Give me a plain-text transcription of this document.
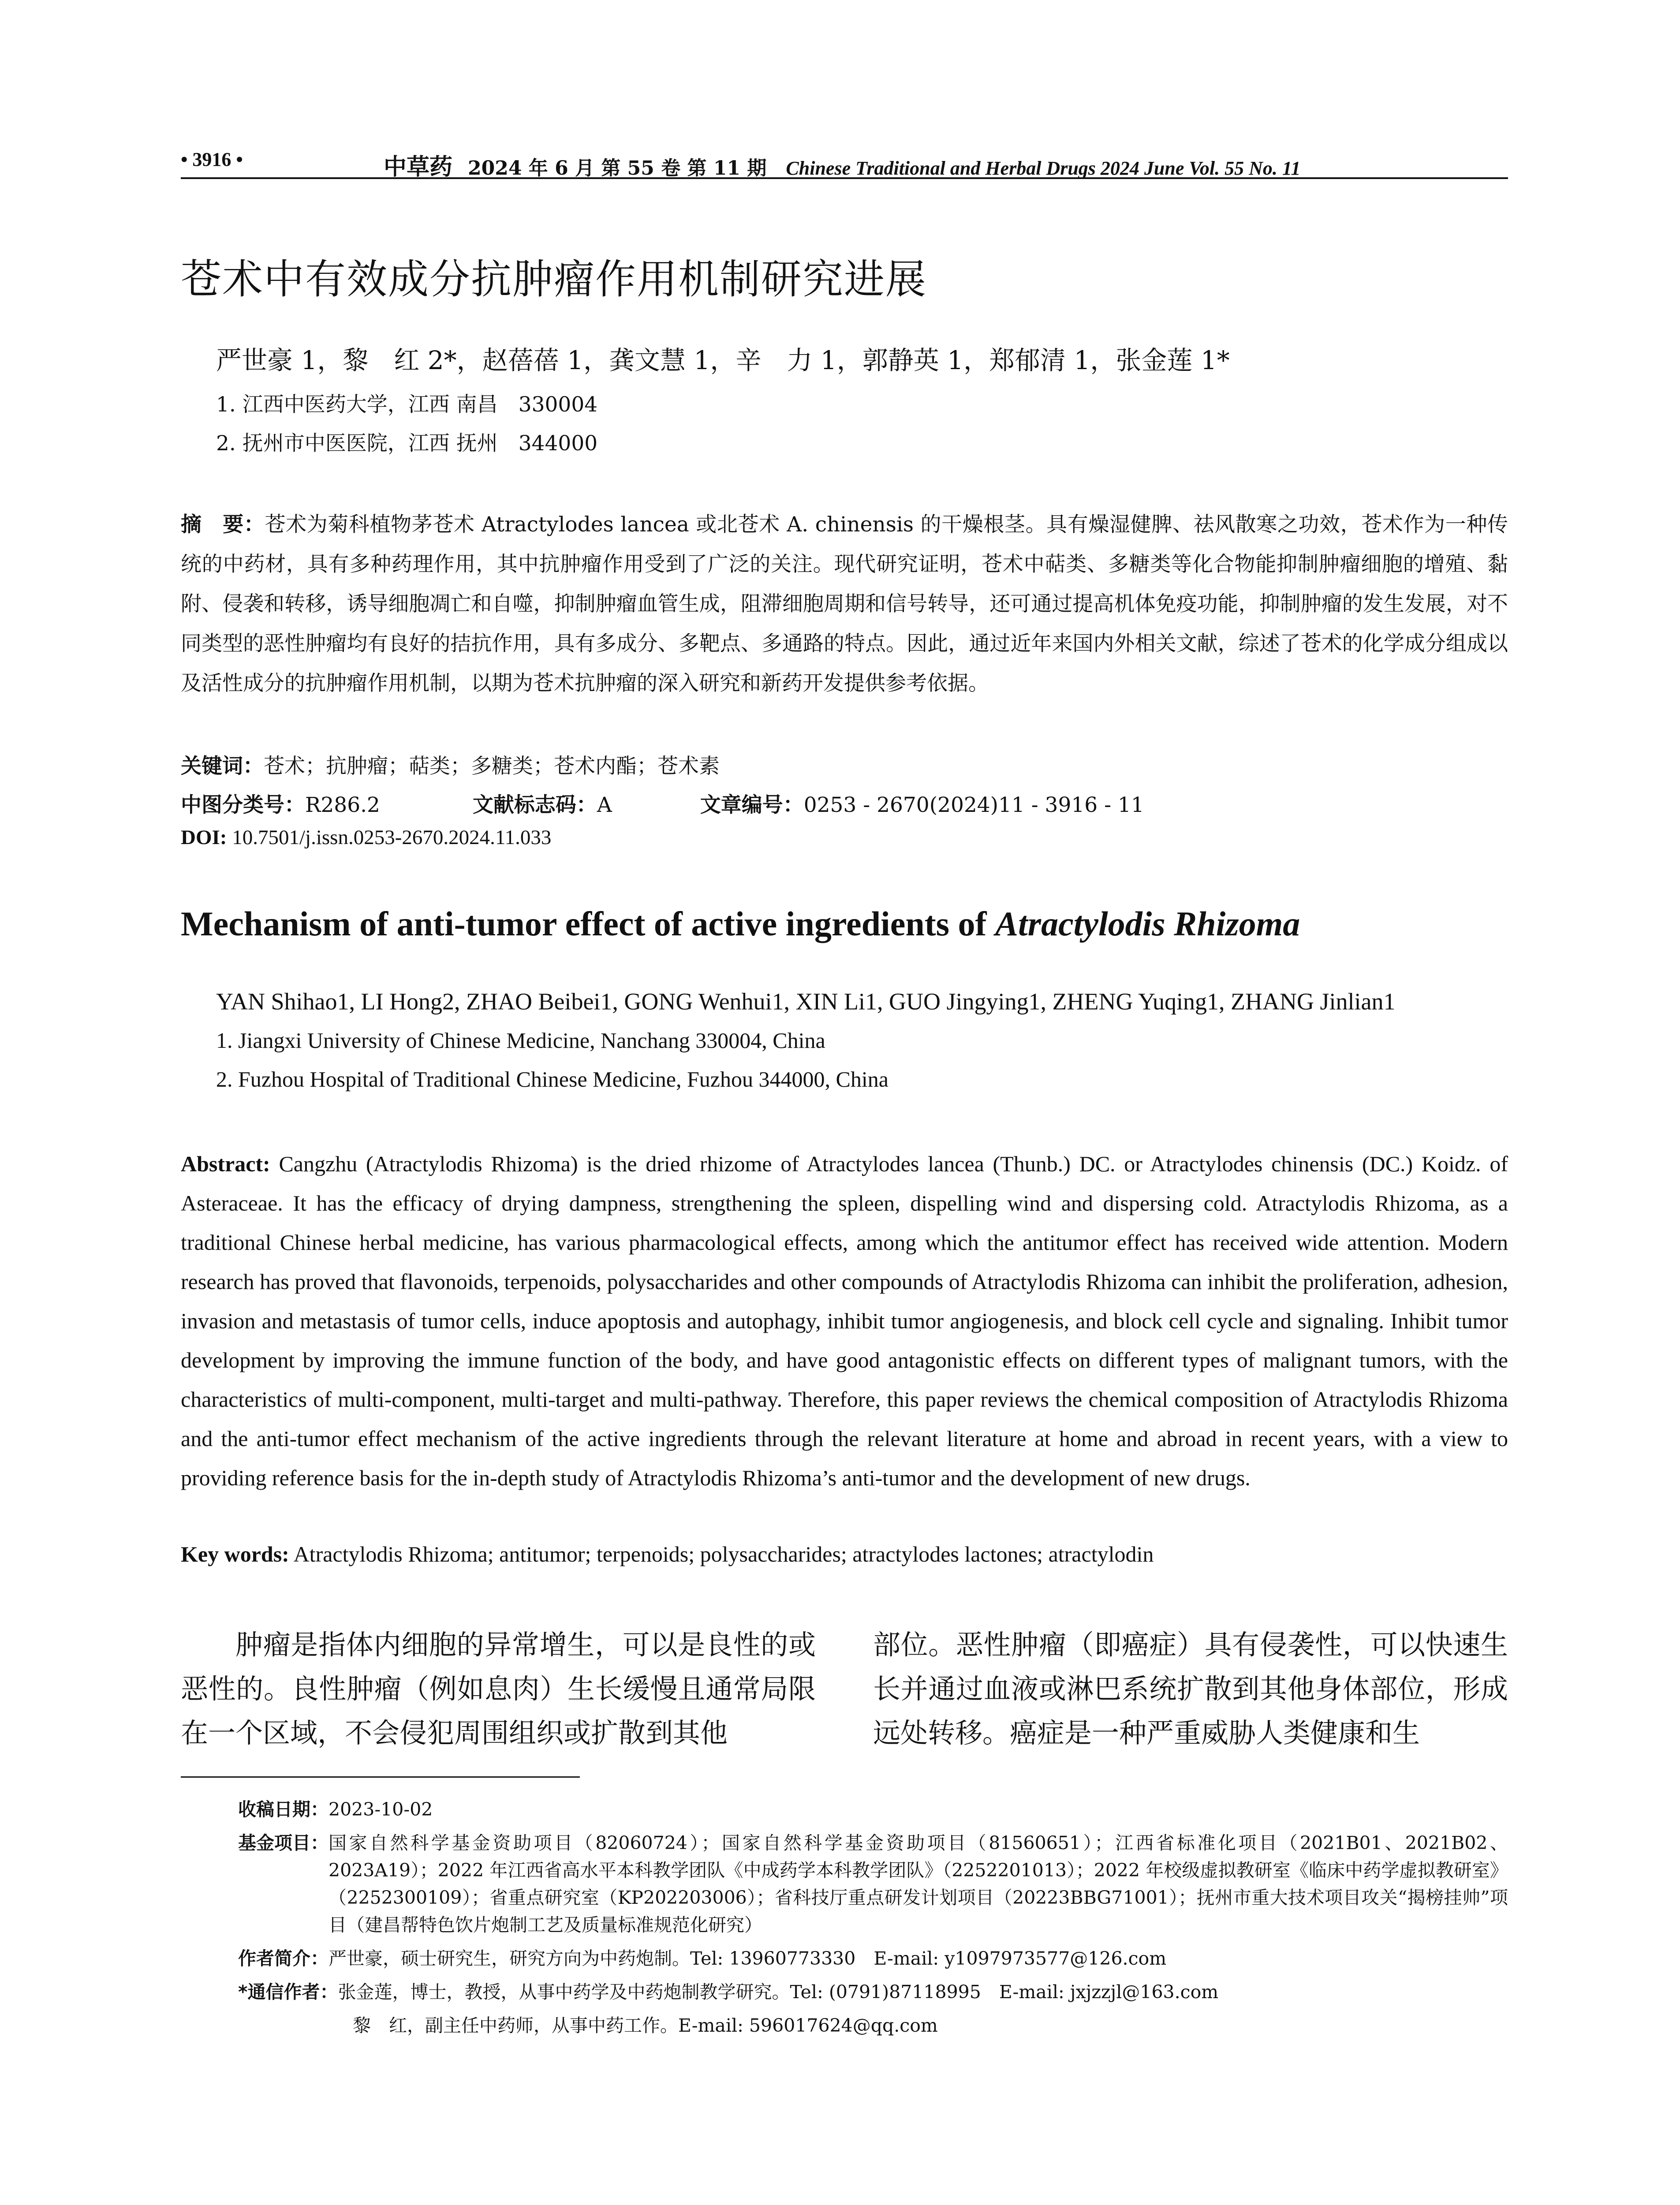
• 3916 •	中草药 2024 年 6 月 第 55 卷 第 11 期 Chinese Traditional and Herbal Drugs 2024 June Vol. 55 No. 11
苍术中有效成分抗肿瘤作用机制研究进展
严世豪 1，黎　红 2*，赵蓓蓓 1，龚文慧 1，辛　力 1，郭静英 1，郑郁清 1，张金莲 1*
1. 江西中医药大学，江西 南昌　330004
2. 抚州市中医医院，江西 抚州　344000
摘　要：苍术为菊科植物茅苍术 Atractylodes lancea 或北苍术 A. chinensis 的干燥根茎。具有燥湿健脾、祛风散寒之功效，苍术作为一种传统的中药材，具有多种药理作用，其中抗肿瘤作用受到了广泛的关注。现代研究证明，苍术中萜类、多糖类等化合物能抑制肿瘤细胞的增殖、黏附、侵袭和转移，诱导细胞凋亡和自噬，抑制肿瘤血管生成，阻滞细胞周期和信号转导，还可通过提高机体免疫功能，抑制肿瘤的发生发展，对不同类型的恶性肿瘤均有良好的拮抗作用，具有多成分、多靶点、多通路的特点。因此，通过近年来国内外相关文献，综述了苍术的化学成分组成以及活性成分的抗肿瘤作用机制，以期为苍术抗肿瘤的深入研究和新药开发提供参考依据。
关键词：苍术；抗肿瘤；萜类；多糖类；苍术内酯；苍术素
中图分类号：R286.2	文献标志码：A	文章编号：0253 - 2670(2024)11 - 3916 - 11
DOI: 10.7501/j.issn.0253-2670.2024.11.033
Mechanism of anti-tumor effect of active ingredients of Atractylodis Rhizoma
YAN Shihao1, LI Hong2, ZHAO Beibei1, GONG Wenhui1, XIN Li1, GUO Jingying1, ZHENG Yuqing1, ZHANG Jinlian1
1. Jiangxi University of Chinese Medicine, Nanchang 330004, China
2. Fuzhou Hospital of Traditional Chinese Medicine, Fuzhou 344000, China
Abstract: Cangzhu (Atractylodis Rhizoma) is the dried rhizome of Atractylodes lancea (Thunb.) DC. or Atractylodes chinensis (DC.) Koidz. of Asteraceae. It has the efficacy of drying dampness, strengthening the spleen, dispelling wind and dispersing cold. Atractylodis Rhizoma, as a traditional Chinese herbal medicine, has various pharmacological effects, among which the antitumor effect has received wide attention. Modern research has proved that flavonoids, terpenoids, polysaccharides and other compounds of Atractylodis Rhizoma can inhibit the proliferation, adhesion, invasion and metastasis of tumor cells, induce apoptosis and autophagy, inhibit tumor angiogenesis, and block cell cycle and signaling. Inhibit tumor development by improving the immune function of the body, and have good antagonistic effects on different types of malignant tumors, with the characteristics of multi-component, multi-target and multi-pathway. Therefore, this paper reviews the chemical composition of Atractylodis Rhizoma and the anti-tumor effect mechanism of the active ingredients through the relevant literature at home and abroad in recent years, with a view to providing reference basis for the in-depth study of Atractylodis Rhizoma’s anti-tumor and the development of new drugs.
Key words: Atractylodis Rhizoma; antitumor; terpenoids; polysaccharides; atractylodes lactones; atractylodin
肿瘤是指体内细胞的异常增生，可以是良性的或恶性的。良性肿瘤（例如息肉）生长缓慢且通常局限在一个区域，不会侵犯周围组织或扩散到其他
部位。恶性肿瘤（即癌症）具有侵袭性，可以快速生长并通过血液或淋巴系统扩散到其他身体部位，形成远处转移。癌症是一种严重威胁人类健康和生
收稿日期：2023-10-02
基金项目： 国家自然科学基金资助项目（82060724）；国家自然科学基金资助项目（81560651）；江西省标准化项目（2021B01、2021B02、2023A19）；2022 年江西省高水平本科教学团队《中成药学本科教学团队》（2252201013）；2022 年校级虚拟教研室《临床中药学虚拟教研室》（2252300109）；省重点研究室（KP202203006）；省科技厅重点研发计划项目（20223BBG71001）；抚州市重大技术项目攻关“揭榜挂帅”项目（建昌帮特色饮片炮制工艺及质量标准规范化研究）
作者简介：严世豪，硕士研究生，研究方向为中药炮制。Tel: 13960773330　E-mail: y1097973577@126.com
*通信作者：张金莲，博士，教授，从事中药学及中药炮制教学研究。Tel: (0791)87118995　E-mail: jxjzzjl@163.com
黎　红，副主任中药师，从事中药工作。E-mail: 596017624@qq.com
